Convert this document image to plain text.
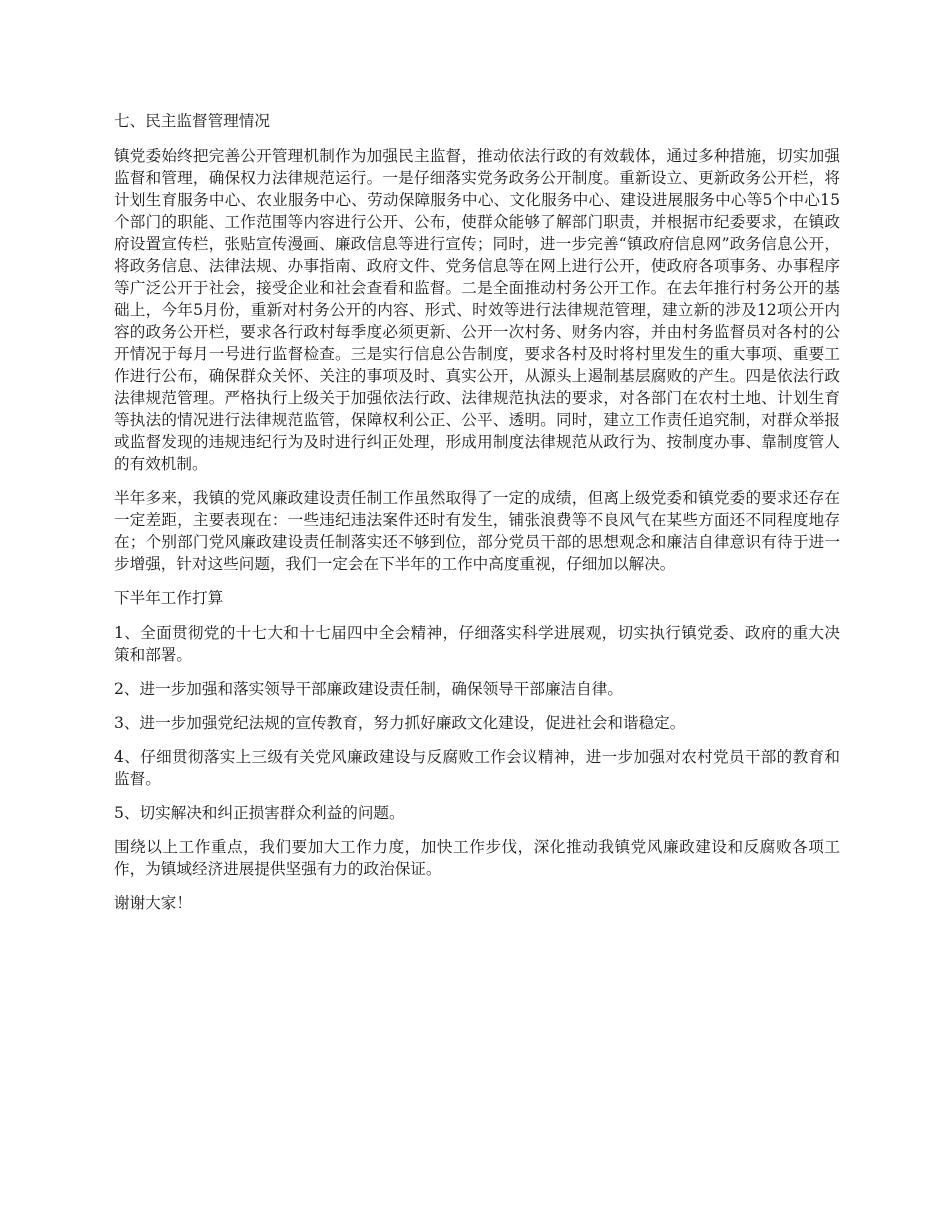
七、民主监督管理情况

镇党委始终把完善公开管理机制作为加强民主监督，推动依法行政的有效载体，通过多种措施，切实加强监督和管理，确保权力法律规范运行。一是仔细落实党务政务公开制度。重新设立、更新政务公开栏，将计划生育服务中心、农业服务中心、劳动保障服务中心、文化服务中心、建设进展服务中心等5个中心15个部门的职能、工作范围等内容进行公开、公布，使群众能够了解部门职责，并根据市纪委要求，在镇政府设置宣传栏，张贴宣传漫画、廉政信息等进行宣传；同时，进一步完善“镇政府信息网”政务信息公开，将政务信息、法律法规、办事指南、政府文件、党务信息等在网上进行公开，使政府各项事务、办事程序等广泛公开于社会，接受企业和社会查看和监督。二是全面推动村务公开工作。在去年推行村务公开的基础上，今年5月份，重新对村务公开的内容、形式、时效等进行法律规范管理，建立新的涉及12项公开内容的政务公开栏，要求各行政村每季度必须更新、公开一次村务、财务内容，并由村务监督员对各村的公开情况于每月一号进行监督检查。三是实行信息公告制度，要求各村及时将村里发生的重大事项、重要工作进行公布，确保群众关怀、关注的事项及时、真实公开，从源头上遏制基层腐败的产生。四是依法行政法律规范管理。严格执行上级关于加强依法行政、法律规范执法的要求，对各部门在农村土地、计划生育等执法的情况进行法律规范监管，保障权利公正、公平、透明。同时，建立工作责任追究制，对群众举报或监督发现的违规违纪行为及时进行纠正处理，形成用制度法律规范从政行为、按制度办事、靠制度管人的有效机制。

半年多来，我镇的党风廉政建设责任制工作虽然取得了一定的成绩，但离上级党委和镇党委的要求还存在一定差距，主要表现在：一些违纪违法案件还时有发生，铺张浪费等不良风气在某些方面还不同程度地存在；个别部门党风廉政建设责任制落实还不够到位，部分党员干部的思想观念和廉洁自律意识有待于进一步增强，针对这些问题，我们一定会在下半年的工作中高度重视，仔细加以解决。

下半年工作打算

1、全面贯彻党的十七大和十七届四中全会精神，仔细落实科学进展观，切实执行镇党委、政府的重大决策和部署。

2、进一步加强和落实领导干部廉政建设责任制，确保领导干部廉洁自律。

3、进一步加强党纪法规的宣传教育，努力抓好廉政文化建设，促进社会和谐稳定。

4、仔细贯彻落实上三级有关党风廉政建设与反腐败工作会议精神，进一步加强对农村党员干部的教育和监督。

5、切实解决和纠正损害群众利益的问题。

围绕以上工作重点，我们要加大工作力度，加快工作步伐，深化推动我镇党风廉政建设和反腐败各项工作，为镇域经济进展提供坚强有力的政治保证。

谢谢大家！
